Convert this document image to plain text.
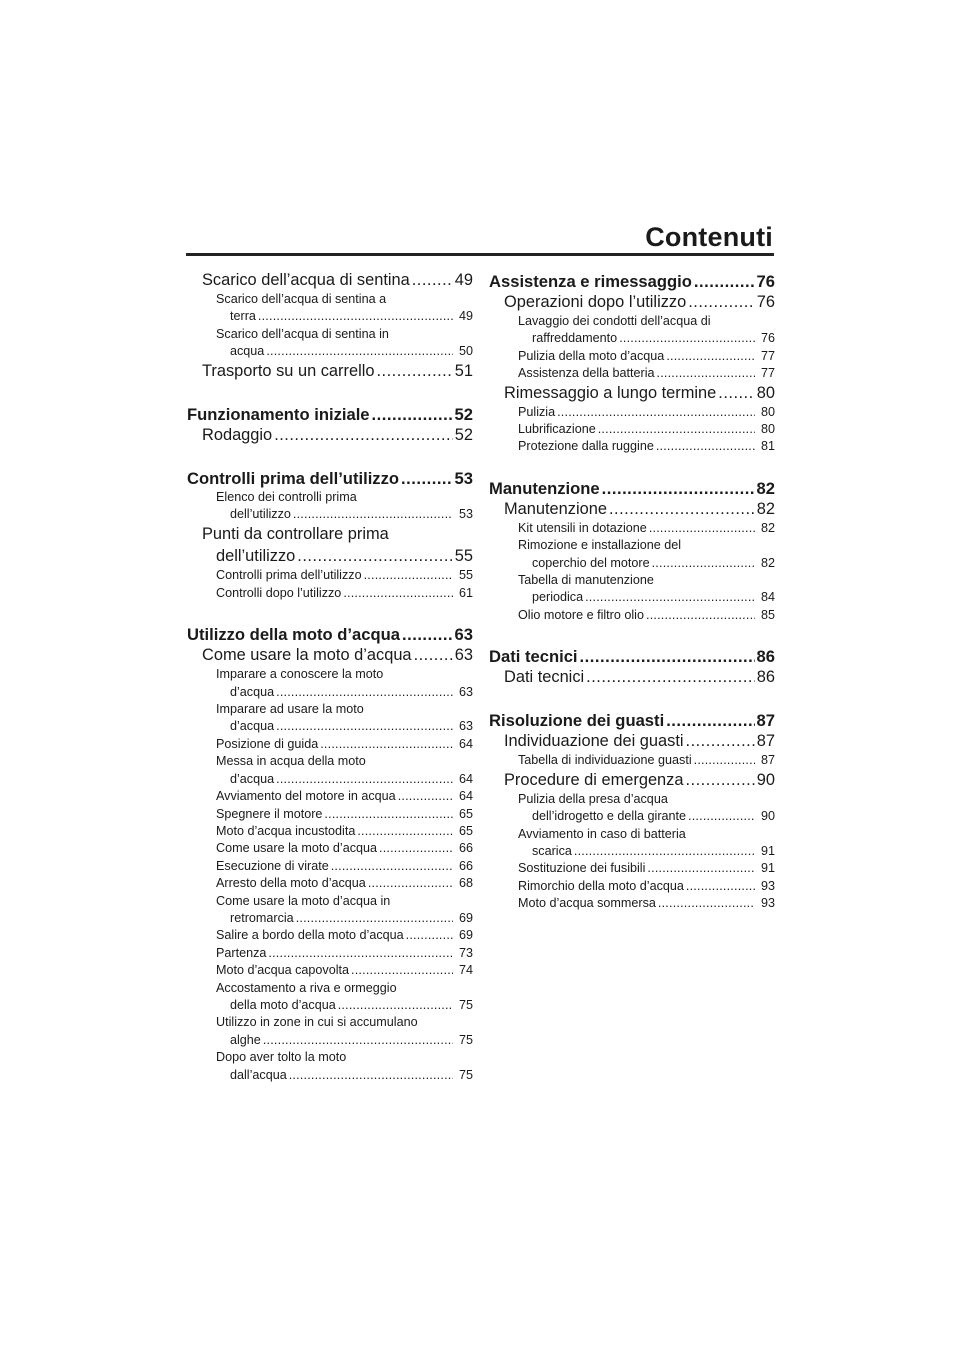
Contenuti
Scarico dell’acqua di sentina .....	49
Scarico dell’acqua di sentina a
terra .....	49
Scarico dell’acqua di sentina in
acqua .....	50
Trasporto su un carrello .....	51
Funzionamento iniziale .....	52
Rodaggio .....	52
Controlli prima dell’utilizzo .....	53
Elenco dei controlli prima
dell’utilizzo .....	53
Punti da controllare prima
dell’utilizzo .....	55
Controlli prima dell’utilizzo .....	55
Controlli dopo l’utilizzo .....	61
Utilizzo della moto d’acqua .....	63
Come usare la moto d’acqua .....	63
Imparare a conoscere la moto
d’acqua .....	63
Imparare ad usare la moto
d’acqua .....	63
Posizione di guida .....	64
Messa in acqua della moto
d’acqua .....	64
Avviamento del motore in acqua .....	64
Spegnere il motore .....	65
Moto d’acqua incustodita .....	65
Come usare la moto d’acqua .....	66
Esecuzione di virate .....	66
Arresto della moto d’acqua .....	68
Come usare la moto d’acqua in
retromarcia .....	69
Salire a bordo della moto d’acqua .....	69
Partenza .....	73
Moto d’acqua capovolta .....	74
Accostamento a riva e ormeggio
della moto d’acqua .....	75
Utilizzo in zone in cui si accumulano
alghe .....	75
Dopo aver tolto la moto
dall’acqua .....	75
Assistenza e rimessaggio .....	76
Operazioni dopo l’utilizzo .....	76
Lavaggio dei condotti dell’acqua di
raffreddamento .....	76
Pulizia della moto d’acqua .....	77
Assistenza della batteria .....	77
Rimessaggio a lungo termine ..... 80
Pulizia .....	80
Lubrificazione .....	80
Protezione dalla ruggine .....	81
Manutenzione .....	82
Manutenzione .....	82
Kit utensili in dotazione .....	82
Rimozione e installazione del
coperchio del motore .....	82
Tabella di manutenzione
periodica .....	84
Olio motore e filtro olio .....	85
Dati tecnici .....	86
Dati tecnici .....	86
Risoluzione dei guasti .....	87
Individuazione dei guasti .....	87
Tabella di individuazione guasti .....	87
Procedure di emergenza .....	90
Pulizia della presa d’acqua
dell’idrogetto e della girante .....	90
Avviamento in caso di batteria
scarica .....	91
Sostituzione dei fusibili .....	91
Rimorchio della moto d’acqua .....	93
Moto d’acqua sommersa .....	93
